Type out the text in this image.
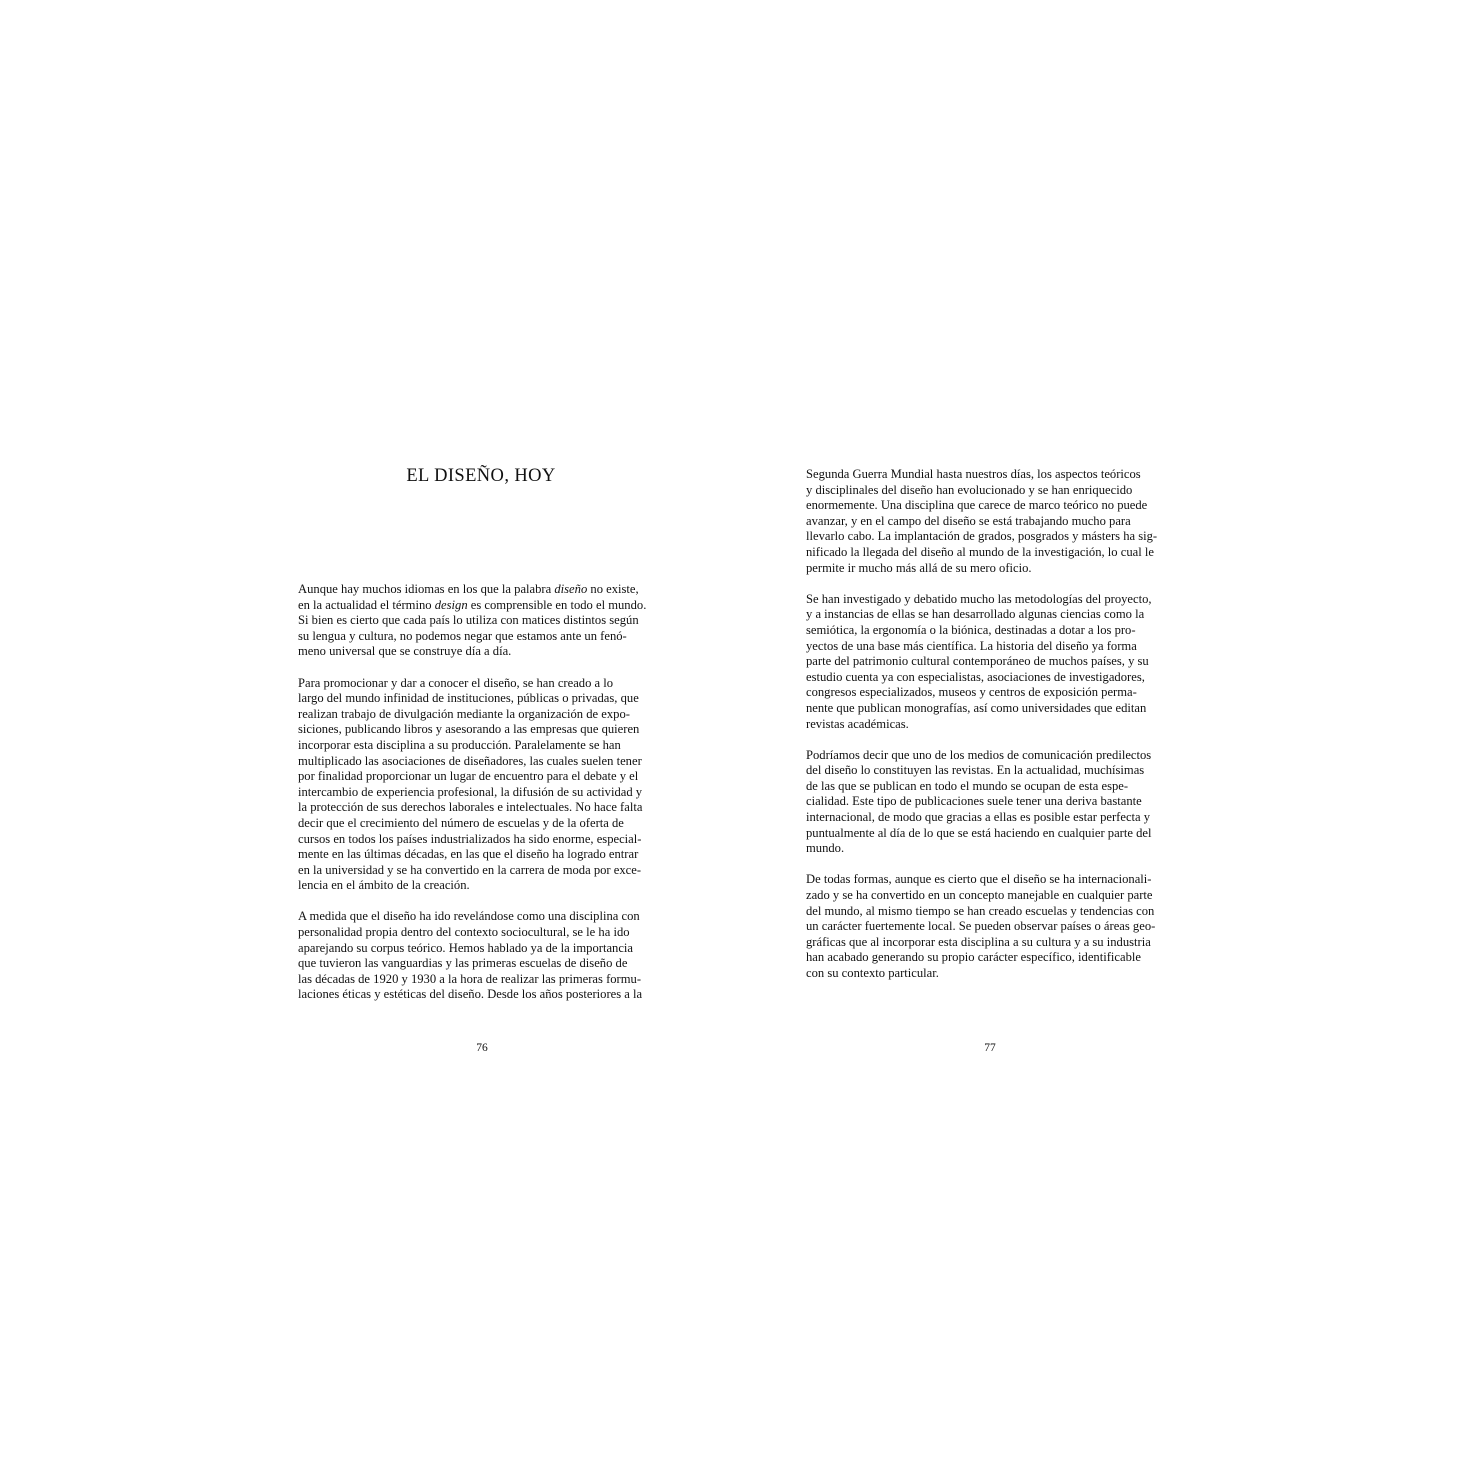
EL DISEÑO, HOY

Aunque hay muchos idiomas en los que la palabra diseño no existe,
en la actualidad el término design es comprensible en todo el mundo.
Si bien es cierto que cada país lo utiliza con matices distintos según
su lengua y cultura, no podemos negar que estamos ante un fenó-
meno universal que se construye día a día.

Para promocionar y dar a conocer el diseño, se han creado a lo
largo del mundo infinidad de instituciones, públicas o privadas, que
realizan trabajo de divulgación mediante la organización de expo-
siciones, publicando libros y asesorando a las empresas que quieren
incorporar esta disciplina a su producción. Paralelamente se han
multiplicado las asociaciones de diseñadores, las cuales suelen tener
por finalidad proporcionar un lugar de encuentro para el debate y el
intercambio de experiencia profesional, la difusión de su actividad y
la protección de sus derechos laborales e intelectuales. No hace falta
decir que el crecimiento del número de escuelas y de la oferta de
cursos en todos los países industrializados ha sido enorme, especial-
mente en las últimas décadas, en las que el diseño ha logrado entrar
en la universidad y se ha convertido en la carrera de moda por exce-
lencia en el ámbito de la creación.

A medida que el diseño ha ido revelándose como una disciplina con
personalidad propia dentro del contexto sociocultural, se le ha ido
aparejando su corpus teórico. Hemos hablado ya de la importancia
que tuvieron las vanguardias y las primeras escuelas de diseño de
las décadas de 1920 y 1930 a la hora de realizar las primeras formu-
laciones éticas y estéticas del diseño. Desde los años posteriores a la

76

Segunda Guerra Mundial hasta nuestros días, los aspectos teóricos
y disciplinales del diseño han evolucionado y se han enriquecido
enormemente. Una disciplina que carece de marco teórico no puede
avanzar, y en el campo del diseño se está trabajando mucho para
llevarlo cabo. La implantación de grados, posgrados y másters ha sig-
nificado la llegada del diseño al mundo de la investigación, lo cual le
permite ir mucho más allá de su mero oficio.

Se han investigado y debatido mucho las metodologías del proyecto,
y a instancias de ellas se han desarrollado algunas ciencias como la
semiótica, la ergonomía o la biónica, destinadas a dotar a los pro-
yectos de una base más científica. La historia del diseño ya forma
parte del patrimonio cultural contemporáneo de muchos países, y su
estudio cuenta ya con especialistas, asociaciones de investigadores,
congresos especializados, museos y centros de exposición perma-
nente que publican monografías, así como universidades que editan
revistas académicas.

Podríamos decir que uno de los medios de comunicación predilectos
del diseño lo constituyen las revistas. En la actualidad, muchísimas
de las que se publican en todo el mundo se ocupan de esta espe-
cialidad. Este tipo de publicaciones suele tener una deriva bastante
internacional, de modo que gracias a ellas es posible estar perfecta y
puntualmente al día de lo que se está haciendo en cualquier parte del
mundo.

De todas formas, aunque es cierto que el diseño se ha internacionali-
zado y se ha convertido en un concepto manejable en cualquier parte
del mundo, al mismo tiempo se han creado escuelas y tendencias con
un carácter fuertemente local. Se pueden observar países o áreas geo-
gráficas que al incorporar esta disciplina a su cultura y a su industria
han acabado generando su propio carácter específico, identificable
con su contexto particular.

77
